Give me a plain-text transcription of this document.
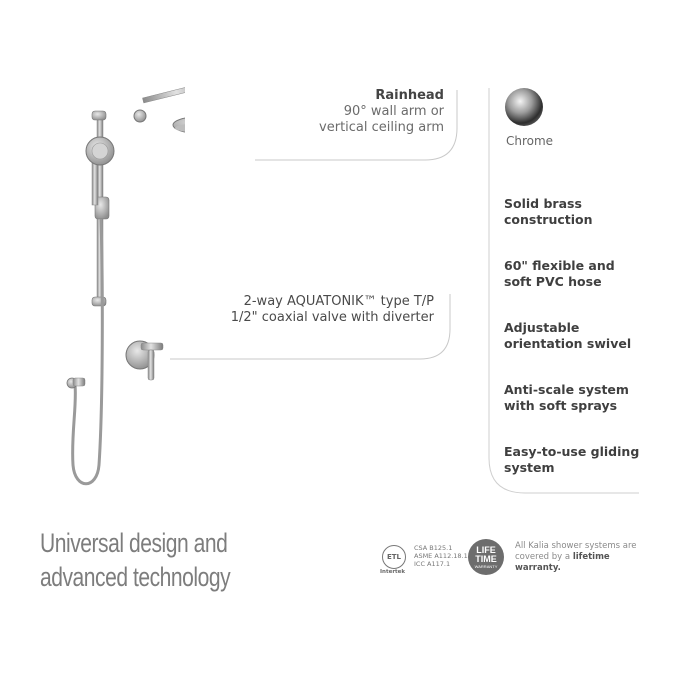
Rainhead
90° wall arm or
vertical ceiling arm
2-way AQUATONIK™ type T/P
1/2" coaxial valve with diverter
Chrome
Solid brass
construction
60" flexible and
soft PVC hose
Adjustable
orientation swivel
Anti-scale system
with soft sprays
Easy-to-use gliding
system
Universal design and
advanced technology
ETL
Intertek
CSA B125.1
ASME A112.18.1
ICC A117.1
LIFE
TIME
WARRANTY
All Kalia shower systems are covered by a lifetime warranty.
